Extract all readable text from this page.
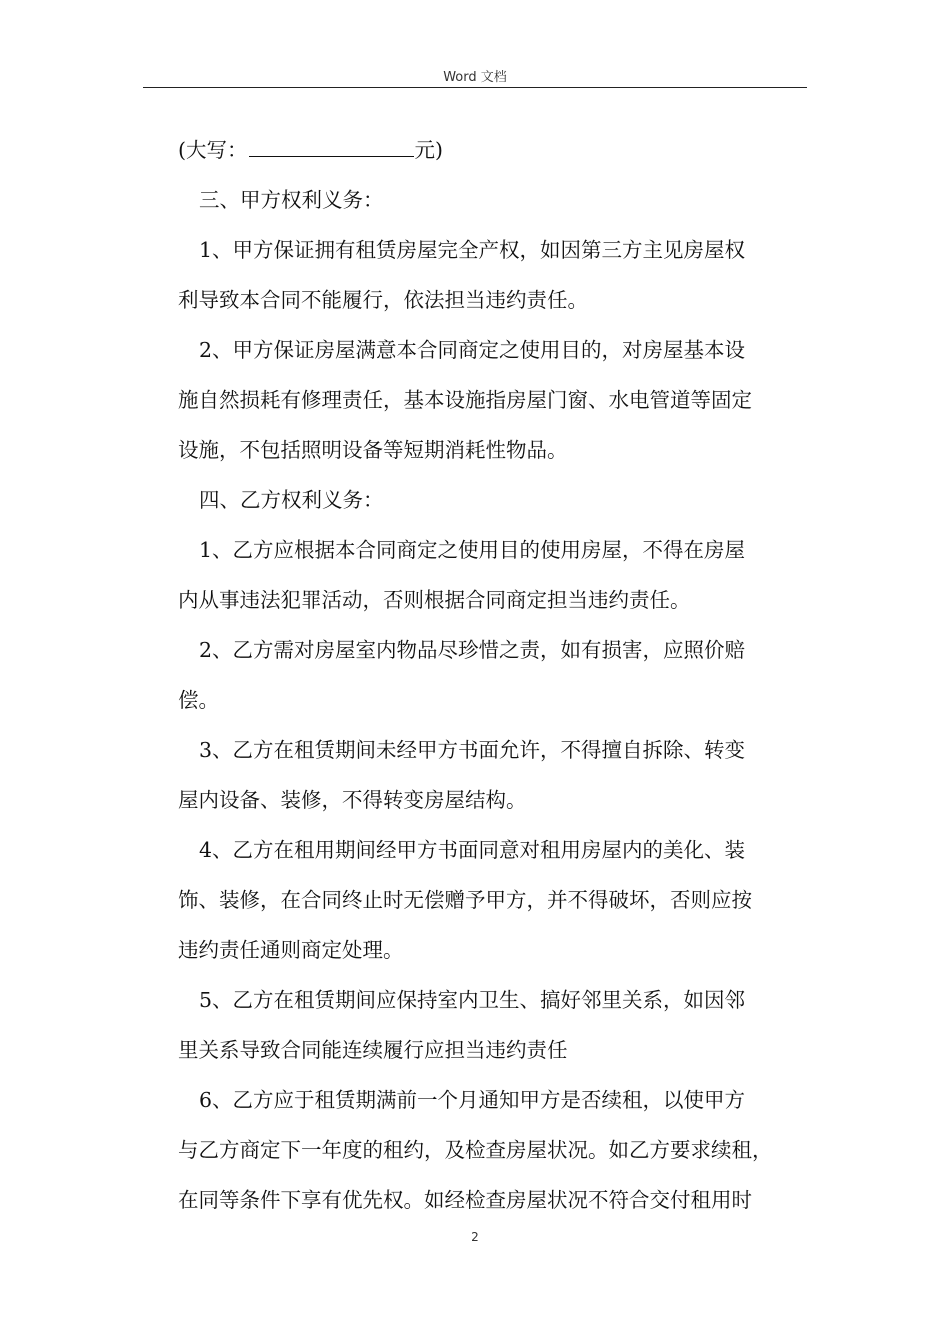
Word 文档
(大写：	元)
三、甲方权利义务：
1、甲方保证拥有租赁房屋完全产权，如因第三方主见房屋权
利导致本合同不能履行，依法担当违约责任。
2、甲方保证房屋满意本合同商定之使用目的，对房屋基本设
施自然损耗有修理责任，基本设施指房屋门窗、水电管道等固定
设施，不包括照明设备等短期消耗性物品。
四、乙方权利义务：
1、乙方应根据本合同商定之使用目的使用房屋，不得在房屋
内从事违法犯罪活动，否则根据合同商定担当违约责任。
2、乙方需对房屋室内物品尽珍惜之责，如有损害，应照价赔
偿。
3、乙方在租赁期间未经甲方书面允许，不得擅自拆除、转变
屋内设备、装修，不得转变房屋结构。
4、乙方在租用期间经甲方书面同意对租用房屋内的美化、装
饰、装修，在合同终止时无偿赠予甲方，并不得破坏，否则应按
违约责任通则商定处理。
5、乙方在租赁期间应保持室内卫生、搞好邻里关系，如因邻
里关系导致合同能连续履行应担当违约责任
6、乙方应于租赁期满前一个月通知甲方是否续租，以使甲方
与乙方商定下一年度的租约，及检查房屋状况。如乙方要求续租，
在同等条件下享有优先权。如经检查房屋状况不符合交付租用时
2
